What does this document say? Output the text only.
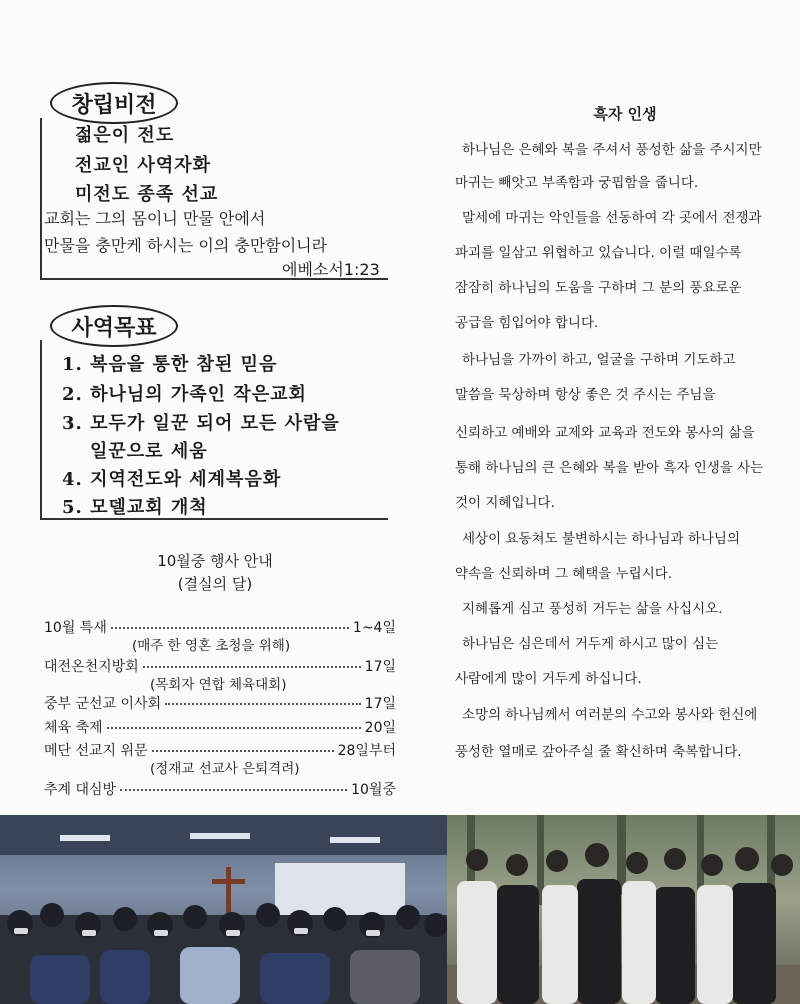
창립비전
젊은이 전도
전교인 사역자화
미전도 종족 선교
교회는 그의 몸이니 만물 안에서
만물을 충만케 하시는 이의 충만함이니라
에베소서1:23
사역목표
1. 복음을 통한 참된 믿음
2. 하나님의 가족인 작은교회
3. 모두가 일꾼 되어 모든 사람을
일꾼으로 세움
4. 지역전도와 세계복음화
5. 모델교회 개척
10월중 행사 안내
(결실의 달)
10월 특새	1~4일
(매주 한 영혼 초청을 위해)
대전온천지방회	17일
(목회자 연합 체육대회)
중부 군선교 이사회	17일
체육 축제	20일
메단 선교지 위문	28일부터
(정재교 선교사 은퇴격려)
추계 대심방	10월중
흑자 인생
하나님은 은혜와 복을 주셔서 풍성한 삶을 주시지만
마귀는 빼앗고 부족함과 궁핍함을 줍니다.
말세에 마귀는 악인들을 선동하여 각 곳에서 전쟁과
파괴를 일삼고 위협하고 있습니다. 이럴 때일수록
잠잠히 하나님의 도움을 구하며 그 분의 풍요로운
공급을 힘입어야 합니다.
하나님을 가까이 하고, 얼굴을 구하며 기도하고
말씀을 묵상하며 항상 좋은 것 주시는 주님을
신뢰하고 예배와 교제와 교육과 전도와 봉사의 삶을
통해 하나님의 큰 은혜와 복을 받아 흑자 인생을 사는
것이 지혜입니다.
세상이 요동쳐도 불변하시는 하나님과 하나님의
약속을 신뢰하며 그 혜택을 누립시다.
지혜롭게 심고 풍성히 거두는 삶을 사십시오.
하나님은 심은데서 거두게 하시고 많이 심는
사람에게 많이 거두게 하십니다.
소망의 하나님께서 여러분의 수고와 봉사와 헌신에
풍성한 열매로 갚아주실 줄 확신하며 축복합니다.
